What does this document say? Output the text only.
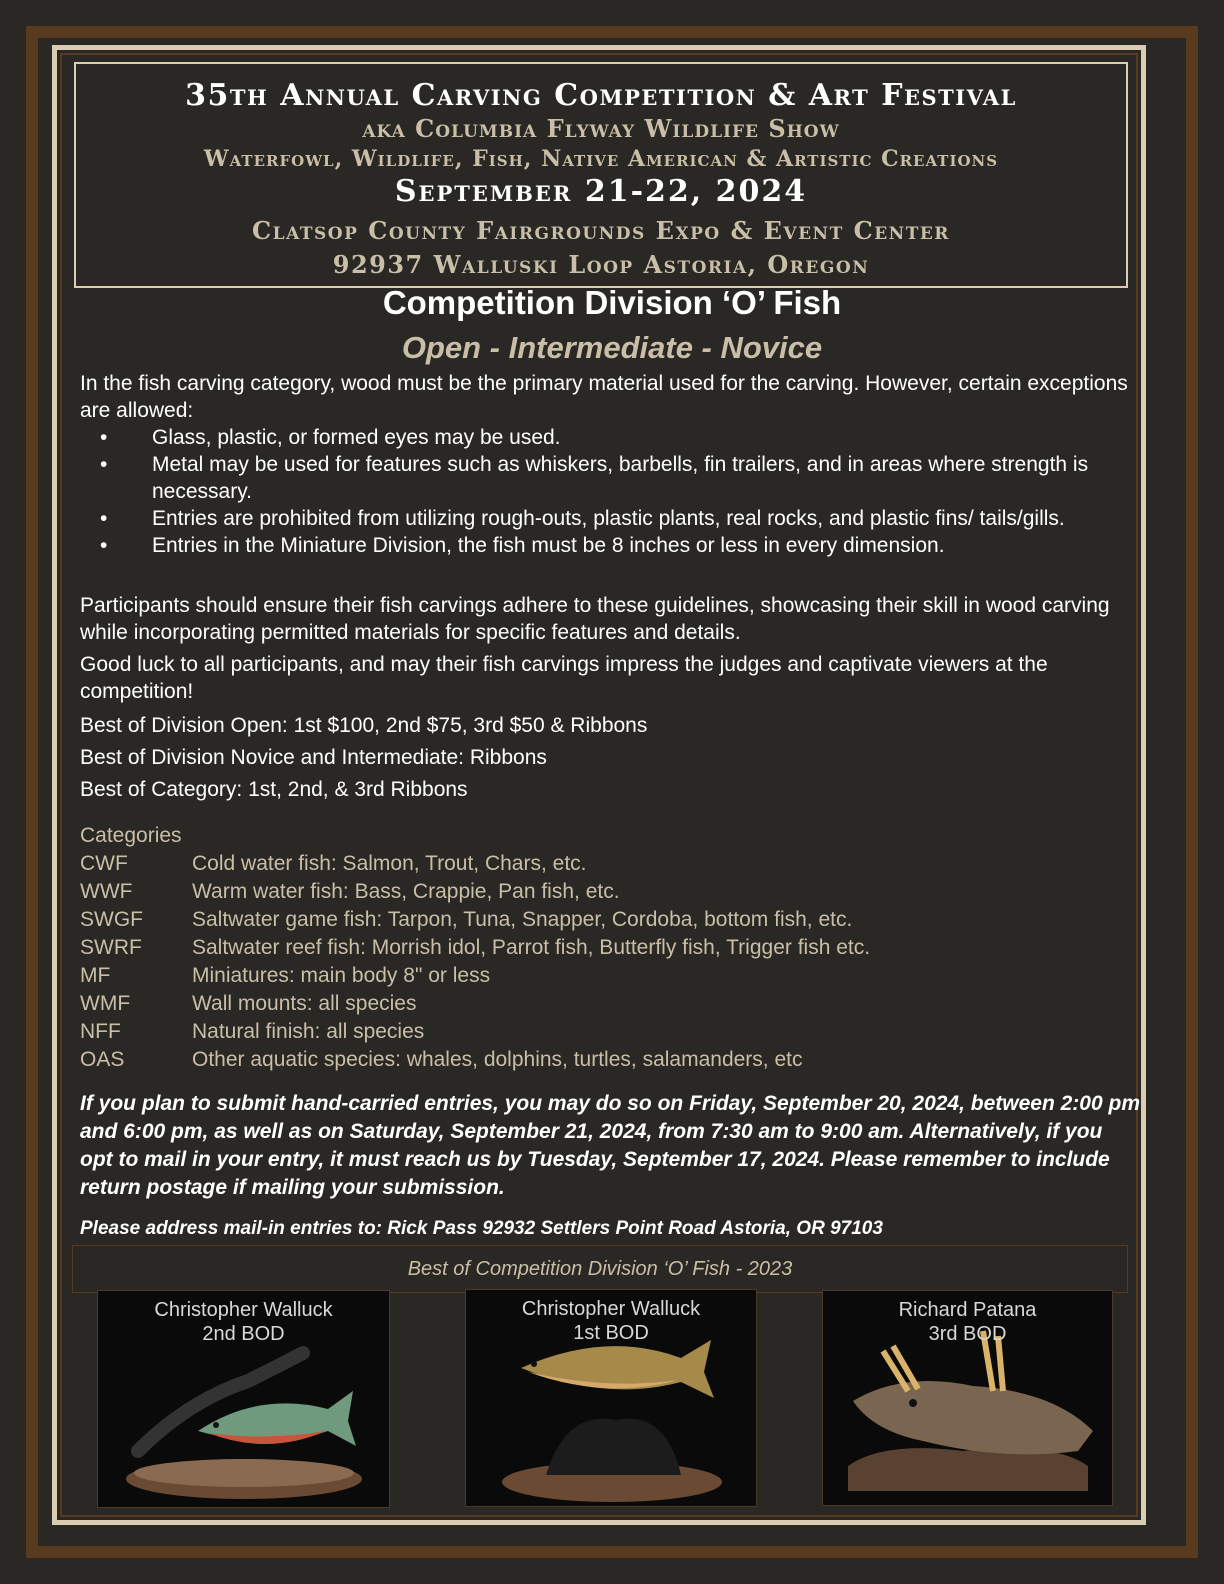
35th Annual Carving Competition & Art Festival
aka Columbia Flyway Wildlife Show
Waterfowl, Wildlife, Fish, Native American & Artistic Creations
September 21-22, 2024
Clatsop County Fairgrounds Expo & Event Center
92937 Walluski Loop Astoria, Oregon
Competition Division ‘O’ Fish
Open - Intermediate - Novice
In the fish carving category, wood must be the primary material used for the carving. However, certain exceptions are allowed:
• Glass, plastic, or formed eyes may be used.
• Metal may be used for features such as whiskers, barbells, fin trailers, and in areas where strength is necessary.
• Entries are prohibited from utilizing rough-outs, plastic plants, real rocks, and plastic fins/ tails/gills.
• Entries in the Miniature Division, the fish must be 8 inches or less in every dimension.
Participants should ensure their fish carvings adhere to these guidelines, showcasing their skill in wood carving while incorporating permitted materials for specific features and details.
Good luck to all participants, and may their fish carvings impress the judges and captivate viewers at the competition!
Best of Division Open: 1st $100, 2nd $75, 3rd $50 & Ribbons
Best of Division Novice and Intermediate: Ribbons
Best of Category: 1st, 2nd, & 3rd Ribbons
Categories
CWF	Cold water fish: Salmon, Trout, Chars, etc.
WWF	Warm water fish: Bass, Crappie, Pan fish, etc.
SWGF Saltwater game fish: Tarpon, Tuna, Snapper, Cordoba, bottom fish, etc.
SWRF Saltwater reef fish: Morrish idol, Parrot fish, Butterfly fish, Trigger fish etc.
MF	Miniatures: main body 8" or less
WMF	Wall mounts: all species
NFF	Natural finish: all species
OAS	Other aquatic species: whales, dolphins, turtles, salamanders, etc
If you plan to submit hand-carried entries, you may do so on Friday, September 20, 2024, between 2:00 pm and 6:00 pm, as well as on Saturday, September 21, 2024, from 7:30 am to 9:00 am. Alternatively, if you opt to mail in your entry, it must reach us by Tuesday, September 17, 2024. Please remember to include return postage if mailing your submission.
Please address mail-in entries to: Rick Pass 92932 Settlers Point Road Astoria, OR 97103
Best of Competition Division ‘O’ Fish - 2023
Christopher Walluck
2nd BOD
Christopher Walluck
1st BOD
Richard Patana
3rd BOD
